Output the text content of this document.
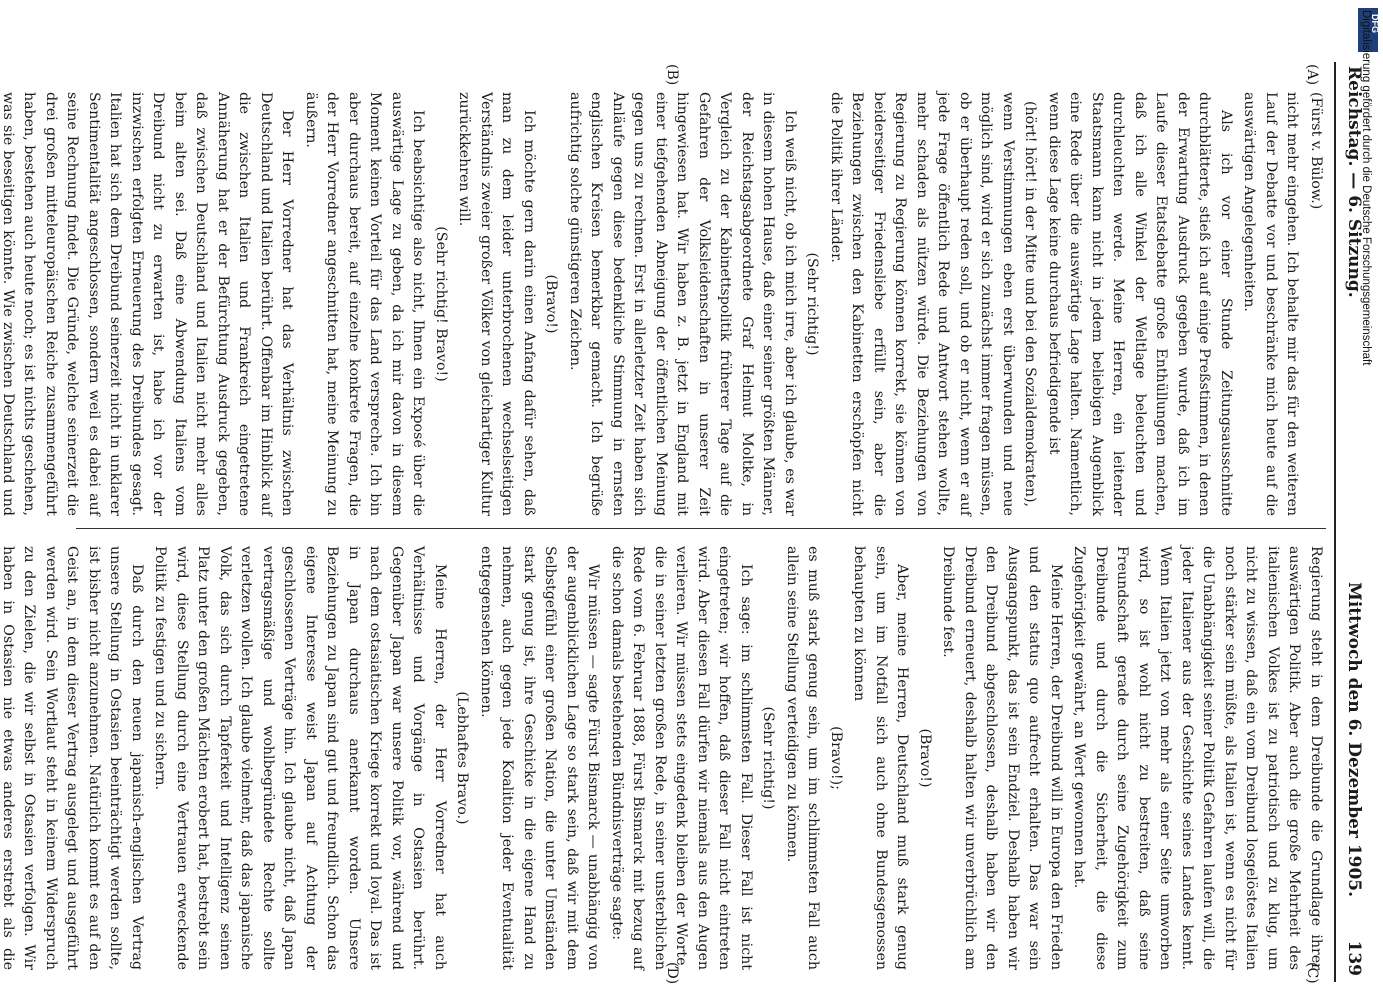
Reichstag. — 6. Sitzung.
Mittwoch den 6. Dezember 1905.
139
(A)
(B)
(C)
(D)

(Fürst v. Bülow.)

nicht mehr eingehen. Ich behalte mir das für den weiteren Lauf der Debatte vor und beschränke mich heute auf die auswärtigen Angelegenheiten.

Als ich vor einer Stunde Zeitungsausschnitte durchblätterte, stieß ich auf einige Preßstimmen, in denen der Erwartung Ausdruck gegeben wurde, daß ich im Laufe dieser Etatsdebatte große Enthüllungen machen, daß ich alle Winkel der Weltlage beleuchten und durchleuchten werde. Meine Herren, ein leitender Staatsmann kann nicht in jedem beliebigen Augenblick eine Rede über die auswärtige Lage halten. Namentlich, wenn diese Lage keine durchaus befriedigende ist

(hört! hört! in der Mitte und bei den Sozialdemokraten),

wenn Verstimmungen eben erst überwunden und neue möglich sind, wird er sich zunächst immer fragen müssen, ob er überhaupt reden soll, und ob er nicht, wenn er auf jede Frage öffentlich Rede und Antwort stehen wollte, mehr schaden als nützen würde. Die Beziehungen von Regierung zu Regierung können korrekt, sie können von beiderseitiger Friedensliebe erfüllt sein, aber die Beziehungen zwischen den Kabinetten erschöpfen nicht die Politik ihrer Länder.

(Sehr richtig!)

Ich weiß nicht, ob ich mich irre, aber ich glaube, es war in diesem hohen Hause, daß einer seiner größten Männer, der Reichstagsabgeordnete Graf Helmut Moltke, in Vergleich zu der Kabinettspolitik früherer Tage auf die Gefahren der Volksleidenschaften in unserer Zeit hingewiesen hat. Wir haben z. B. jetzt in England mit einer tiefgehenden Abneigung der öffentlichen Meinung gegen uns zu rechnen. Erst in allerletzter Zeit haben sich Anläufe gegen diese bedenkliche Stimmung in ernsten englischen Kreisen bemerkbar gemacht. Ich begrüße aufrichtig solche günstigeren Zeichen.

(Bravo!)

Ich möchte gern darin einen Anfang dafür sehen, daß man zu dem leider unterbrochenen wechselseitigen Verständnis zweier großer Völker von gleichartiger Kultur zurückkehren will.

(Sehr richtig! Bravo!)

Ich beabsichtige also nicht, Ihnen ein Exposé über die auswärtige Lage zu geben, da ich mir davon in diesem Moment keinen Vorteil für das Land verspreche. Ich bin aber durchaus bereit, auf einzelne konkrete Fragen, die der Herr Vorredner angeschnitten hat, meine Meinung zu äußern.

Der Herr Vorredner hat das Verhältnis zwischen Deutschland und Italien berührt. Offenbar im Hinblick auf die zwischen Italien und Frankreich eingetretene Annäherung hat er der Befürchtung Ausdruck gegeben, daß zwischen Deutschland und Italien nicht mehr alles beim alten sei. Daß eine Abwendung Italiens vom Dreibund nicht zu erwarten ist, habe ich vor der inzwischen erfolgten Erneuerung des Dreibundes gesagt. Italien hat sich dem Dreibund seinerzeit nicht in unklarer Sentimentalität angeschlossen, sondern weil es dabei auf seine Rechnung findet. Die Gründe, welche seinerzeit die drei großen mitteleuropäischen Reiche zusammengeführt haben, bestehen auch heute noch; es ist nichts geschehen, was sie beseitigen könnte. Wie zwischen Deutschland und

Regierung steht in dem Dreibunde die Grundlage ihrer auswärtigen Politik. Aber auch die große Mehrheit des italienischen Volkes ist zu patriotisch und zu klug, um nicht zu wissen, daß ein vom Dreibund losgelöstes Italien noch stärker sein müßte, als Italien ist, wenn es nicht für die Unabhängigkeit seiner Politik Gefahren laufen will, die jeder Italiener aus der Geschichte seines Landes kennt. Wenn Italien jetzt von mehr als einer Seite umworben wird, so ist wohl nicht zu bestreiten, daß seine Freundschaft gerade durch seine Zugehörigkeit zum Dreibunde und durch die Sicherheit, die diese Zugehörigkeit gewährt, an Wert gewonnen hat.

Meine Herren, der Dreibund will in Europa den Frieden und den status quo aufrecht erhalten. Das war sein Ausgangspunkt, das ist sein Endziel. Deshalb haben wir den Dreibund abgeschlossen, deshalb haben wir den Dreibund erneuert, deshalb halten wir unverbrüchlich am Dreibunde fest.

(Bravo!)

Aber, meine Herren, Deutschland muß stark genug sein, um im Notfall sich auch ohne Bundesgenossen behaupten zu können

(Bravo!);

es muß stark genug sein, um im schlimmsten Fall auch allein seine Stellung verteidigen zu können.

(Sehr richtig!)

Ich sage: im schlimmsten Fall. Dieser Fall ist nicht eingetreten; wir hoffen, daß dieser Fall nicht eintreten wird. Aber diesen Fall dürfen wir niemals aus den Augen verlieren. Wir müssen stets eingedenk bleiben der Worte, die in seiner letzten großen Rede, in seiner unsterblichen Rede vom 6. Februar 1888, Fürst Bismarck mit bezug auf die schon damals bestehenden Bündnisverträge sagte:

Wir müssen — sagte Fürst Bismarck — unabhängig von der augenblicklichen Lage so stark sein, daß wir mit dem Selbstgefühl einer großen Nation, die unter Umständen stark genug ist, ihre Geschicke in die eigene Hand zu nehmen, auch gegen jede Koalition jeder Eventualität entgegensehen können.

(Lebhaftes Bravo.)

Meine Herren, der Herr Vorredner hat auch Verhältnisse und Vorgänge in Ostasien berührt. Gegenüber Japan war unsere Politik vor, während und nach dem ostasiatischen Kriege korrekt und loyal. Das ist in Japan durchaus anerkannt worden. Unsere Beziehungen zu Japan sind gut und freundlich. Schon das eigene Interesse weist Japan auf Achtung der geschlossenen Verträge hin. Ich glaube nicht, daß Japan vertragsmäßige und wohlbegründete Rechte sollte verletzen wollen. Ich glaube vielmehr, daß das japanische Volk, das sich durch Tapferkeit und Intelligenz seinen Platz unter den großen Mächten erobert hat, bestrebt sein wird, diese Stellung durch eine Vertrauen erweckende Politik zu festigen und zu sichern.

Daß durch den neuen japanisch-englischen Vertrag unsere Stellung in Ostasien beeinträchtigt werden sollte, ist bisher nicht anzunehmen. Natürlich kommt es auf den Geist an, in dem dieser Vertrag ausgelegt und ausgeführt werden wird. Sein Wortlaut steht in keinem Widerspruch zu den Zielen, die wir selbst in Ostasien verfolgen. Wir haben in Ostasien nie etwas anderes erstrebt als die

DFG
Digitalisierung gefördert durch die Deutsche Forschungsgemeinschaft
